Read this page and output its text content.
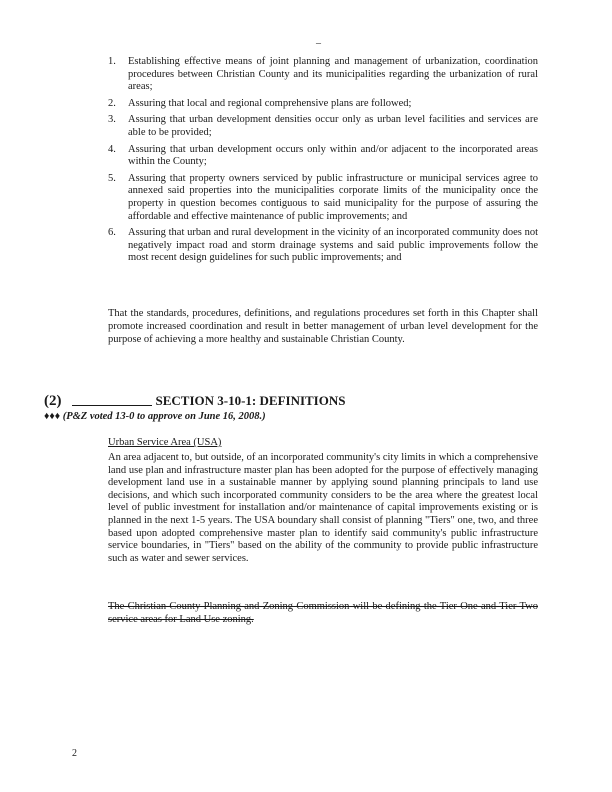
–
1. Establishing effective means of joint planning and management of urbanization, coordination procedures between Christian County and its municipalities regarding the urbanization of rural areas;
2. Assuring that local and regional comprehensive plans are followed;
3. Assuring that urban development densities occur only as urban level facilities and services are able to be provided;
4. Assuring that urban development occurs only within and/or adjacent to the incorporated areas within the County;
5. Assuring that property owners serviced by public infrastructure or municipal services agree to annexed said properties into the municipalities corporate limits of the municipality once the property in question becomes contiguous to said municipality for the purpose of assuring the affordable and effective maintenance of public improvements; and
6. Assuring that urban and rural development in the vicinity of an incorporated community does not negatively impact road and storm drainage systems and said public improvements follow the most recent design guidelines for such public improvements; and

That the standards, procedures, definitions, and regulations procedures set forth in this Chapter shall promote increased coordination and result in better management of urban level development for the purpose of achieving a more healthy and sustainable Christian County.

(2)	SECTION 3-10-1: DEFINITIONS
♦♦♦ (P&Z voted 13-0 to approve on June 16, 2008.)
Urban Service Area (USA)

An area adjacent to, but outside, of an incorporated community's city limits in which a comprehensive land use plan and infrastructure master plan has been adopted for the purpose of effectively managing development land use in a sustainable manner by applying sound planning principals to land use decisions, and which such incorporated community considers to be the area where the greatest local level of public investment for installation and/or maintenance of capital improvements existing or is planned in the next 1-5 years. The USA boundary shall consist of planning "Tiers" one, two, and three based upon adopted comprehensive master plan to identify said community's public infrastructure service boundaries, in "Tiers" based on the ability of the community to provide public infrastructure such as water and sewer services.

The Christian County Planning and Zoning Commission will be defining the Tier One and Tier Two service areas for Land Use zoning.

2
